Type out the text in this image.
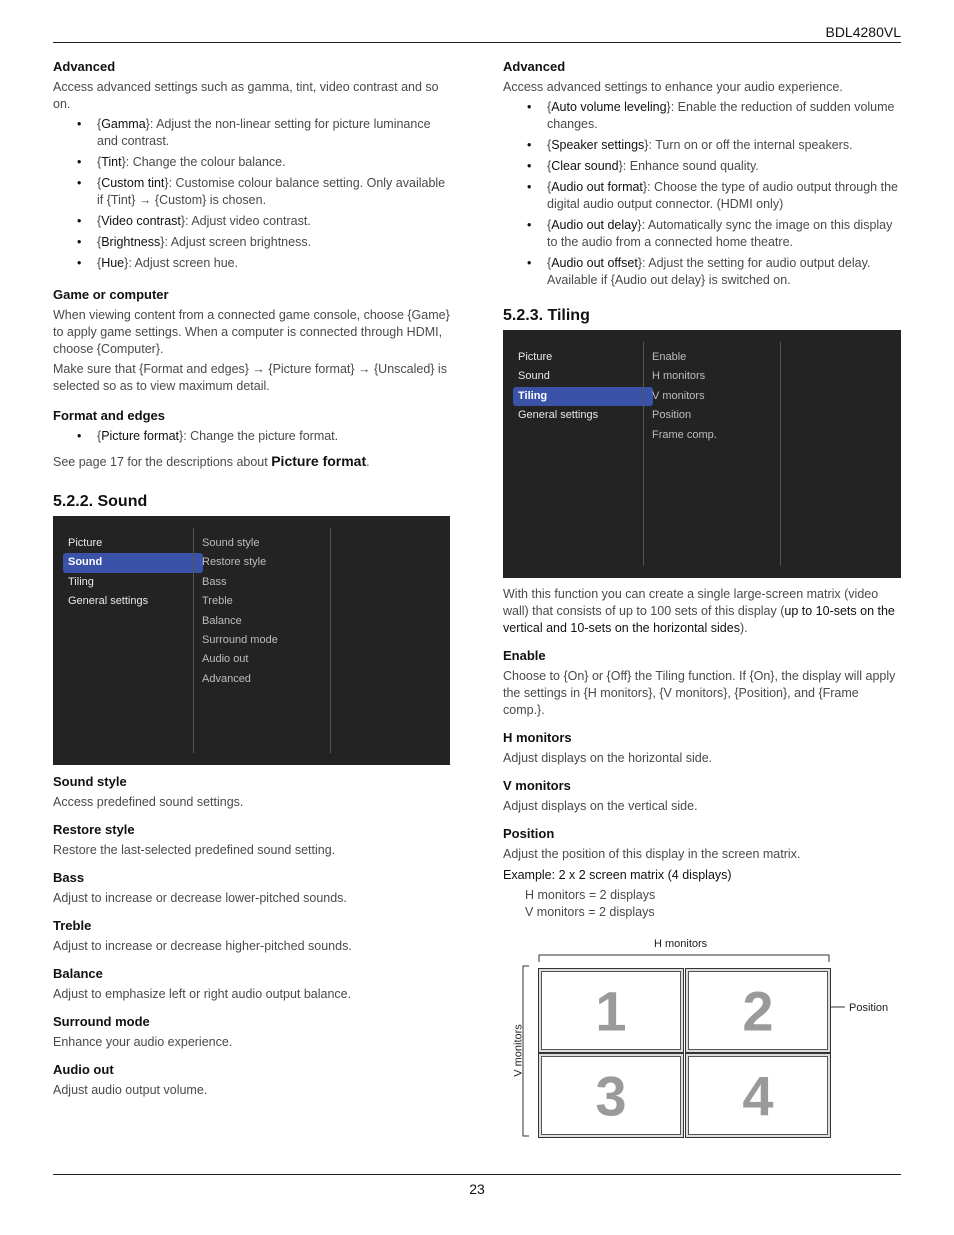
BDL4280VL
Advanced
Access advanced settings such as gamma, tint, video contrast and so on.
• {Gamma}: Adjust the non-linear setting for picture luminance and contrast.
• {Tint}: Change the colour balance.
• {Custom tint}: Customise colour balance setting. Only available if {Tint} → {Custom} is chosen.
• {Video contrast}: Adjust video contrast.
• {Brightness}: Adjust screen brightness.
• {Hue}: Adjust screen hue.
Game or computer
When viewing content from a connected game console, choose {Game} to apply game settings. When a computer is connected through HDMI, choose {Computer}.
Make sure that {Format and edges} → {Picture format} → {Unscaled} is selected so as to view maximum detail.
Format and edges
• {Picture format}: Change the picture format.
See page 17 for the descriptions about Picture format.
5.2.2. Sound
Picture
Sound
Tiling
General settings
Sound style
Restore style
Bass
Treble
Balance
Surround mode
Audio out
Advanced
Sound style
Access predefined sound settings.
Restore style
Restore the last-selected predefined sound setting.
Bass
Adjust to increase or decrease lower-pitched sounds.
Treble
Adjust to increase or decrease higher-pitched sounds.
Balance
Adjust to emphasize left or right audio output balance.
Surround mode
Enhance your audio experience.
Audio out
Adjust audio output volume.
Advanced
Access advanced settings to enhance your audio experience.
• {Auto volume leveling}: Enable the reduction of sudden volume changes.
• {Speaker settings}: Turn on or off the internal speakers.
• {Clear sound}: Enhance sound quality.
• {Audio out format}: Choose the type of audio output through the digital audio output connector. (HDMI only)
• {Audio out delay}: Automatically sync the image on this display to the audio from a connected home theatre.
• {Audio out offset}: Adjust the setting for audio output delay. Available if {Audio out delay} is switched on.
5.2.3. Tiling
Picture
Sound
Tiling
General settings
Enable
H monitors
V monitors
Position
Frame comp.
With this function you can create a single large-screen matrix (video wall) that consists of up to 100 sets of this display (up to 10-sets on the vertical and 10-sets on the horizontal sides).
Enable
Choose to {On} or {Off} the Tiling function. If {On}, the display will apply the settings in {H monitors}, {V monitors}, {Position}, and {Frame comp.}.
H monitors
Adjust displays on the horizontal side.
V monitors
Adjust displays on the vertical side.
Position
Adjust the position of this display in the screen matrix.
Example: 2 x 2 screen matrix (4 displays)
H monitors = 2 displays
V monitors = 2 displays
H monitors
V monitors
Position
1 2
3 4
23
